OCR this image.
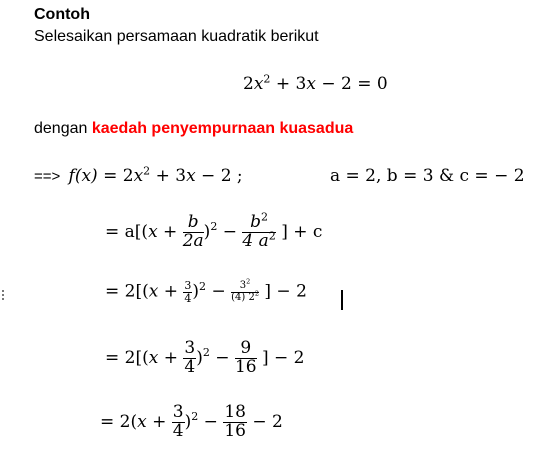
Contoh
Selesaikan persamaan kuadratik berikut
$2x^2 + 3x - 2 = 0$
dengan kaedah penyempurnaan kuasadua
==> $f(x) = 2x^2 + 3x - 2$ ;	a = 2, b = 3 & c = − 2
= $a[(x + \frac{b}{2a} )^2 - \frac{b^2}{4 a^2}$ ] + c
= $2[(x + \frac{3}{4} )^2 - \frac{3^2}{(4) 2^2}$ ] − 2
= $2[(x + \frac{3}{4} )^2 - \frac{9}{16}$ ] − 2
= $2(x + \frac{3}{4} )^2 - \frac{18}{16} - 2$
